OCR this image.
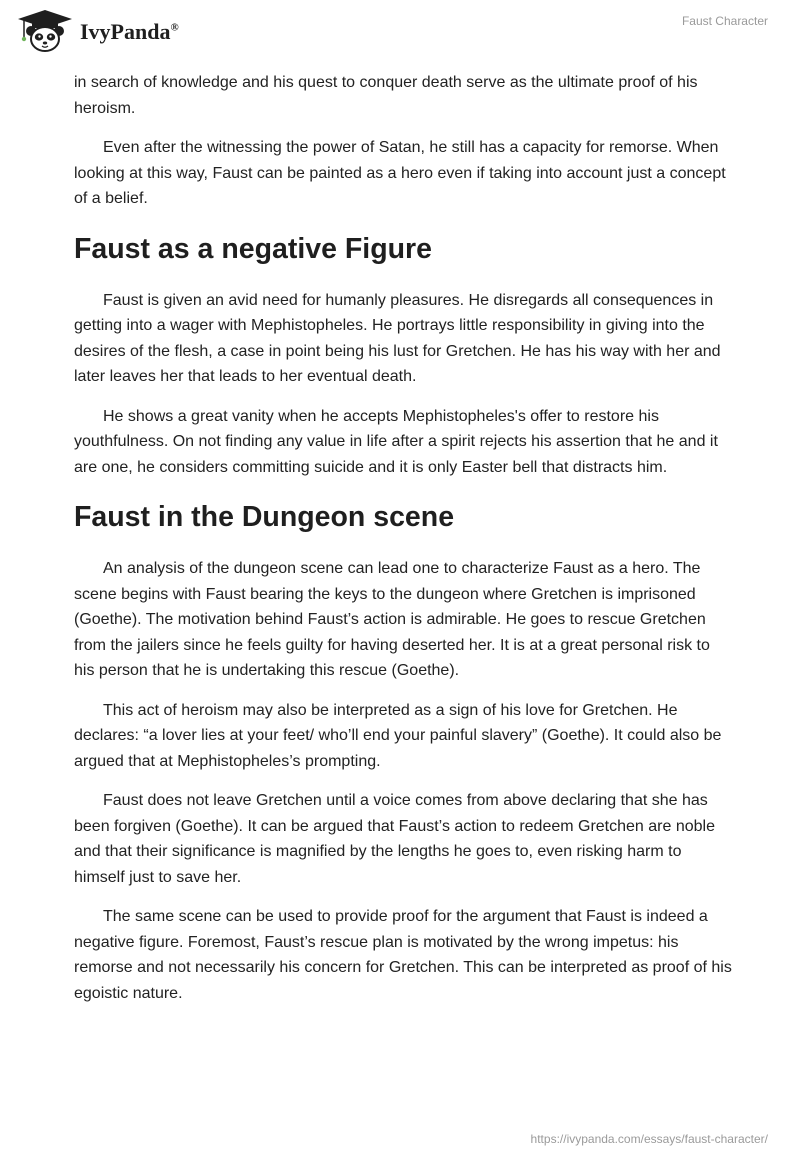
IvyPanda®	Faust Character

in search of knowledge and his quest to conquer death serve as the ultimate proof of his heroism.

Even after the witnessing the power of Satan, he still has a capacity for remorse. When looking at this way, Faust can be painted as a hero even if taking into account just a concept of a belief.

Faust as a negative Figure

Faust is given an avid need for humanly pleasures. He disregards all consequences in getting into a wager with Mephistopheles. He portrays little responsibility in giving into the desires of the flesh, a case in point being his lust for Gretchen. He has his way with her and later leaves her that leads to her eventual death.

He shows a great vanity when he accepts Mephistopheles's offer to restore his youthfulness. On not finding any value in life after a spirit rejects his assertion that he and it are one, he considers committing suicide and it is only Easter bell that distracts him.

Faust in the Dungeon scene

An analysis of the dungeon scene can lead one to characterize Faust as a hero. The scene begins with Faust bearing the keys to the dungeon where Gretchen is imprisoned (Goethe). The motivation behind Faust’s action is admirable. He goes to rescue Gretchen from the jailers since he feels guilty for having deserted her. It is at a great personal risk to his person that he is undertaking this rescue (Goethe).

This act of heroism may also be interpreted as a sign of his love for Gretchen. He declares: “a lover lies at your feet/ who’ll end your painful slavery” (Goethe). It could also be argued that at Mephistopheles’s prompting.

Faust does not leave Gretchen until a voice comes from above declaring that she has been forgiven (Goethe). It can be argued that Faust’s action to redeem Gretchen are noble and that their significance is magnified by the lengths he goes to, even risking harm to himself just to save her.

The same scene can be used to provide proof for the argument that Faust is indeed a negative figure. Foremost, Faust’s rescue plan is motivated by the wrong impetus: his remorse and not necessarily his concern for Gretchen. This can be interpreted as proof of his egoistic nature.

https://ivypanda.com/essays/faust-character/
